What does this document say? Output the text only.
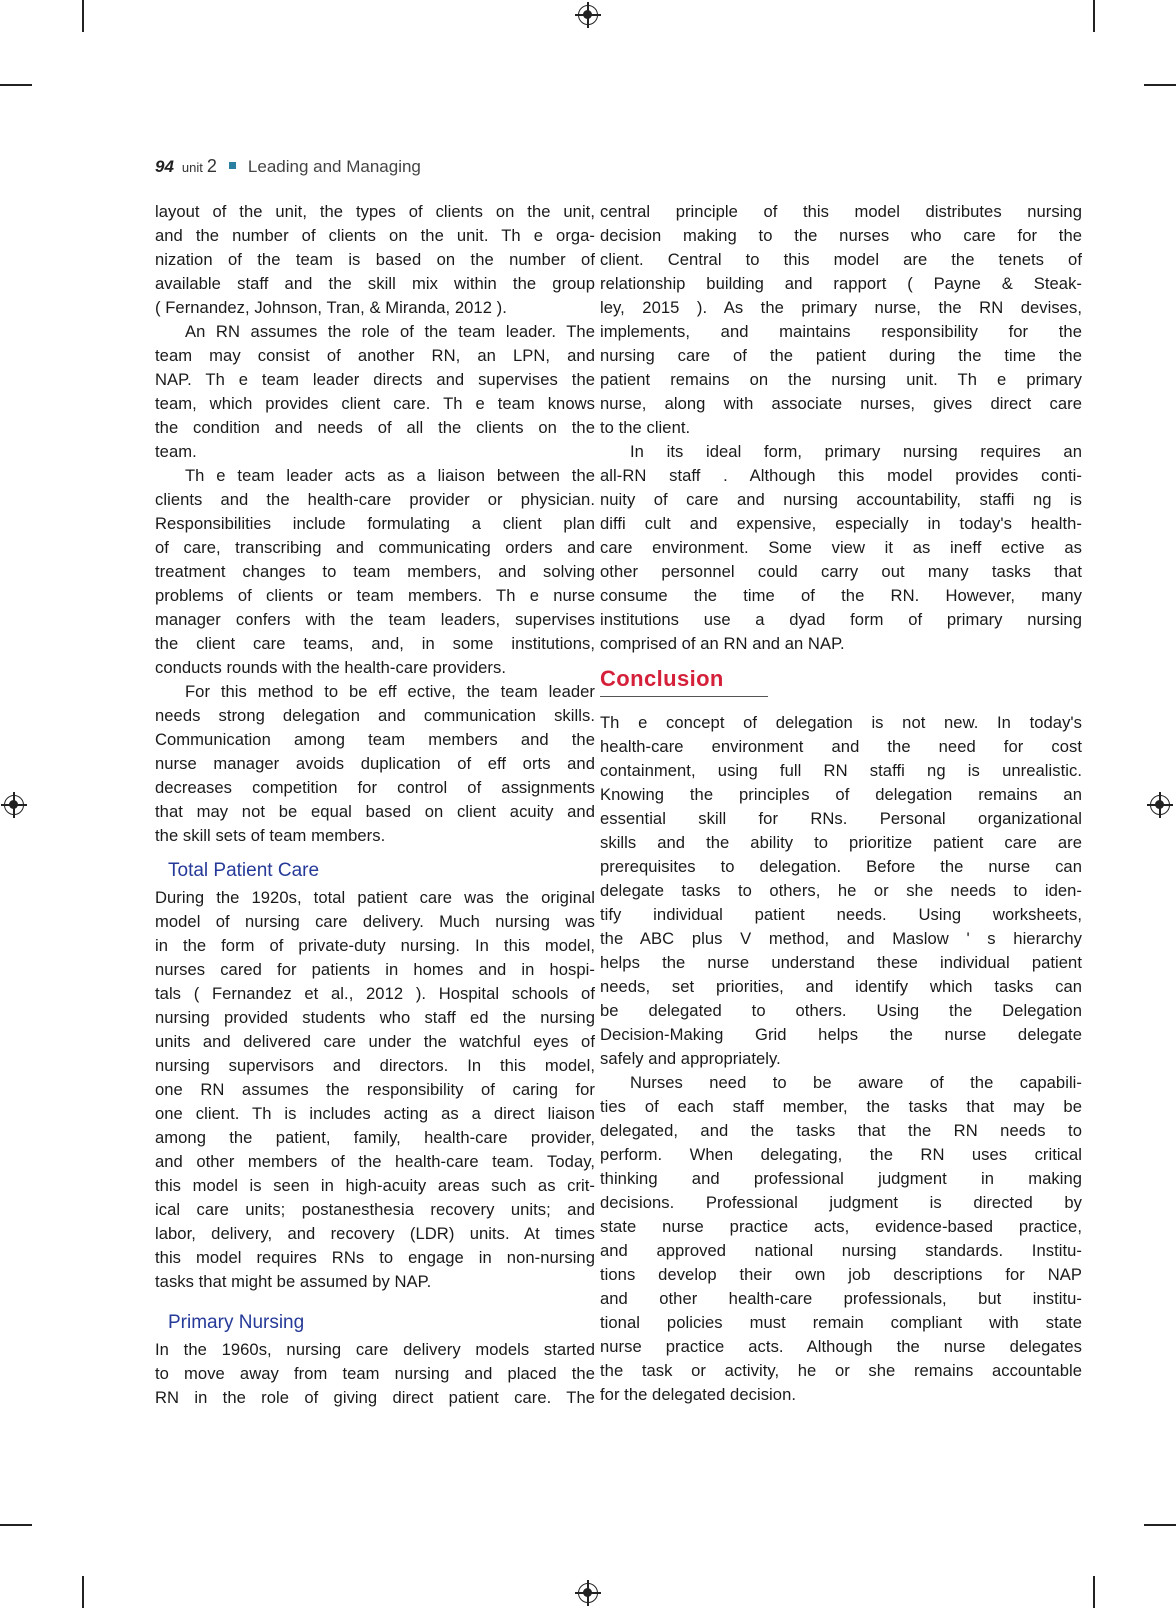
94 unit 2 Leading and Managing
layout of the unit, the types of clients on the unit,
and the number of clients on the unit. Th e orga-
nization of the team is based on the number of
available staff and the skill mix within the group
( Fernandez, Johnson, Tran, & Miranda, 2012 ).
An RN assumes the role of the team leader. The
team may consist of another RN, an LPN, and
NAP. Th e team leader directs and supervises the
team, which provides client care. Th e team knows
the condition and needs of all the clients on the
team.
Th e team leader acts as a liaison between the
clients and the health-care provider or physician.
Responsibilities include formulating a client plan
of care, transcribing and communicating orders and
treatment changes to team members, and solving
problems of clients or team members. Th e nurse
manager confers with the team leaders, supervises
the client care teams, and, in some institutions,
conducts rounds with the health-care providers.
For this method to be eff ective, the team leader
needs strong delegation and communication skills.
Communication among team members and the
nurse manager avoids duplication of eff orts and
decreases competition for control of assignments
that may not be equal based on client acuity and
the skill sets of team members.
Total Patient Care
During the 1920s, total patient care was the original
model of nursing care delivery. Much nursing was
in the form of private-duty nursing. In this model,
nurses cared for patients in homes and in hospi-
tals ( Fernandez et al., 2012 ). Hospital schools of
nursing provided students who staff ed the nursing
units and delivered care under the watchful eyes of
nursing supervisors and directors. In this model,
one RN assumes the responsibility of caring for
one client. Th is includes acting as a direct liaison
among the patient, family, health-care provider,
and other members of the health-care team. Today,
this model is seen in high-acuity areas such as crit-
ical care units; postanesthesia recovery units; and
labor, delivery, and recovery (LDR) units. At times
this model requires RNs to engage in non-nursing
tasks that might be assumed by NAP.
Primary Nursing
In the 1960s, nursing care delivery models started
to move away from team nursing and placed the
RN in the role of giving direct patient care. The
central principle of this model distributes nursing
decision making to the nurses who care for the
client. Central to this model are the tenets of
relationship building and rapport ( Payne & Steak-
ley, 2015 ). As the primary nurse, the RN devises,
implements, and maintains responsibility for the
nursing care of the patient during the time the
patient remains on the nursing unit. Th e primary
nurse, along with associate nurses, gives direct care
to the client.
In its ideal form, primary nursing requires an
all-RN staff . Although this model provides conti-
nuity of care and nursing accountability, staffi ng is
diffi cult and expensive, especially in today's health-
care environment. Some view it as ineff ective as
other personnel could carry out many tasks that
consume the time of the RN. However, many
institutions use a dyad form of primary nursing
comprised of an RN and an NAP.
Conclusion
Th e concept of delegation is not new. In today's
health-care environment and the need for cost
containment, using full RN staffi ng is unrealistic.
Knowing the principles of delegation remains an
essential skill for RNs. Personal organizational
skills and the ability to prioritize patient care are
prerequisites to delegation. Before the nurse can
delegate tasks to others, he or she needs to iden-
tify individual patient needs. Using worksheets,
the ABC plus V method, and Maslow ' s hierarchy
helps the nurse understand these individual patient
needs, set priorities, and identify which tasks can
be delegated to others. Using the Delegation
Decision-Making Grid helps the nurse delegate
safely and appropriately.
Nurses need to be aware of the capabili-
ties of each staff member, the tasks that may be
delegated, and the tasks that the RN needs to
perform. When delegating, the RN uses critical
thinking and professional judgment in making
decisions. Professional judgment is directed by
state nurse practice acts, evidence-based practice,
and approved national nursing standards. Institu-
tions develop their own job descriptions for NAP
and other health-care professionals, but institu-
tional policies must remain compliant with state
nurse practice acts. Although the nurse delegates
the task or activity, he or she remains accountable
for the delegated decision.
